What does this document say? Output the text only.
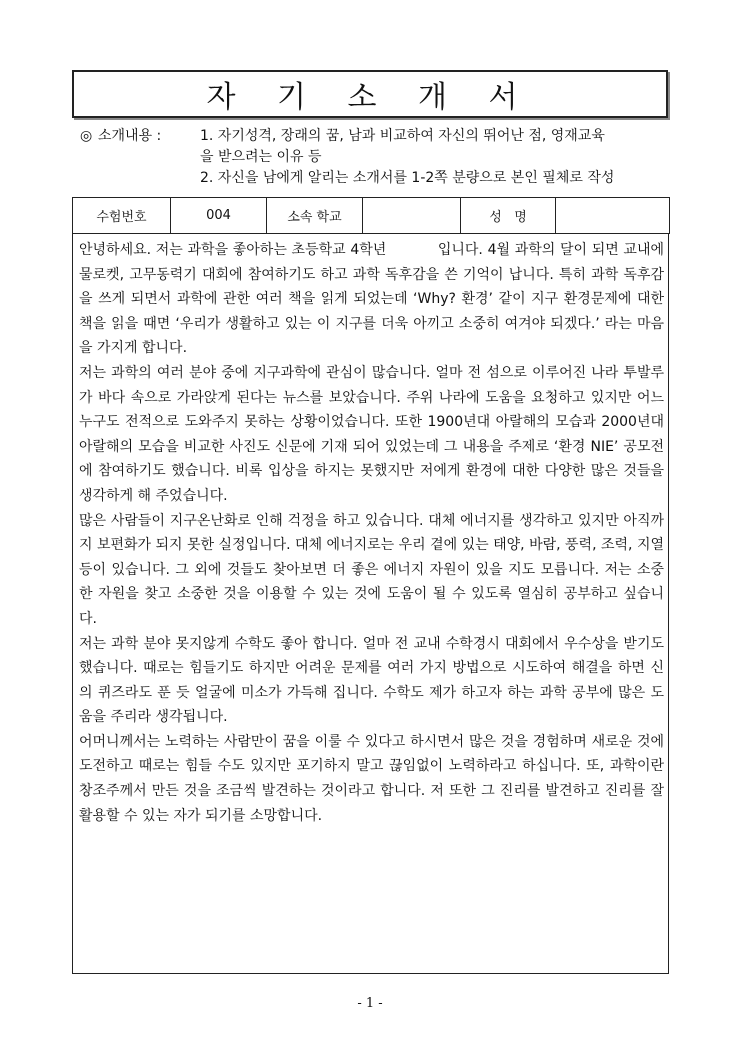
자 기 소 개 서
◎ 소개내용 :	1. 자기성격, 장래의 꿈, 남과 비교하여 자신의 뛰어난 점, 영재교육
을 받으려는 이유 등
2. 자신을 남에게 알리는 소개서를 1-2쪽 분량으로 본인 필체로 작성
수험번호	004	소속 학교		성   명	

안녕하세요. 저는 과학을 좋아하는 초등학교 4학년           입니다. 4월 과학의 달이 되면 교내에 물로켓, 고무동력기 대회에 참여하기도 하고 과학 독후감을 쓴 기억이 납니다. 특히 과학 독후감을 쓰게 되면서 과학에 관한 여러 책을 읽게 되었는데 ‘Why? 환경’ 같이 지구 환경문제에 대한 책을 읽을 때면 ‘우리가 생활하고 있는 이 지구를 더욱 아끼고 소중히 여겨야 되겠다.’ 라는 마음을 가지게 합니다.

저는 과학의 여러 분야 중에 지구과학에 관심이 많습니다. 얼마 전 섬으로 이루어진 나라 투발루가 바다 속으로 가라앉게 된다는 뉴스를 보았습니다. 주위 나라에 도움을 요청하고 있지만 어느 누구도 전적으로 도와주지 못하는 상황이었습니다. 또한 1900년대 아랄해의 모습과 2000년대 아랄해의 모습을 비교한 사진도 신문에 기재 되어 있었는데 그 내용을 주제로 ‘환경 NIE’ 공모전에 참여하기도 했습니다. 비록 입상을 하지는 못했지만 저에게 환경에 대한 다양한 많은 것들을 생각하게 해 주었습니다.

많은 사람들이 지구온난화로 인해 걱정을 하고 있습니다. 대체 에너지를 생각하고 있지만 아직까지 보편화가 되지 못한 실정입니다. 대체 에너지로는 우리 곁에 있는 태양, 바람, 풍력, 조력, 지열 등이 있습니다. 그 외에 것들도 찾아보면 더 좋은 에너지 자원이 있을 지도 모릅니다. 저는 소중한 자원을 찾고 소중한 것을 이용할 수 있는 것에 도움이 될 수 있도록 열심히 공부하고 싶습니다.

저는 과학 분야 못지않게 수학도 좋아 합니다. 얼마 전 교내 수학경시 대회에서 우수상을 받기도 했습니다. 때로는 힘들기도 하지만 어려운 문제를 여러 가지 방법으로 시도하여 해결을 하면 신의 퀴즈라도 푼 듯 얼굴에 미소가 가득해 집니다. 수학도 제가 하고자 하는 과학 공부에 많은 도움을 주리라 생각됩니다.

어머니께서는 노력하는 사람만이 꿈을 이룰 수 있다고 하시면서 많은 것을 경험하며 새로운 것에 도전하고 때로는 힘들 수도 있지만 포기하지 말고 끊임없이 노력하라고 하십니다. 또, 과학이란 창조주께서 만든 것을 조금씩 발견하는 것이라고 합니다. 저 또한 그 진리를 발견하고 진리를 잘 활용할 수 있는 자가 되기를 소망합니다.

- 1 -
